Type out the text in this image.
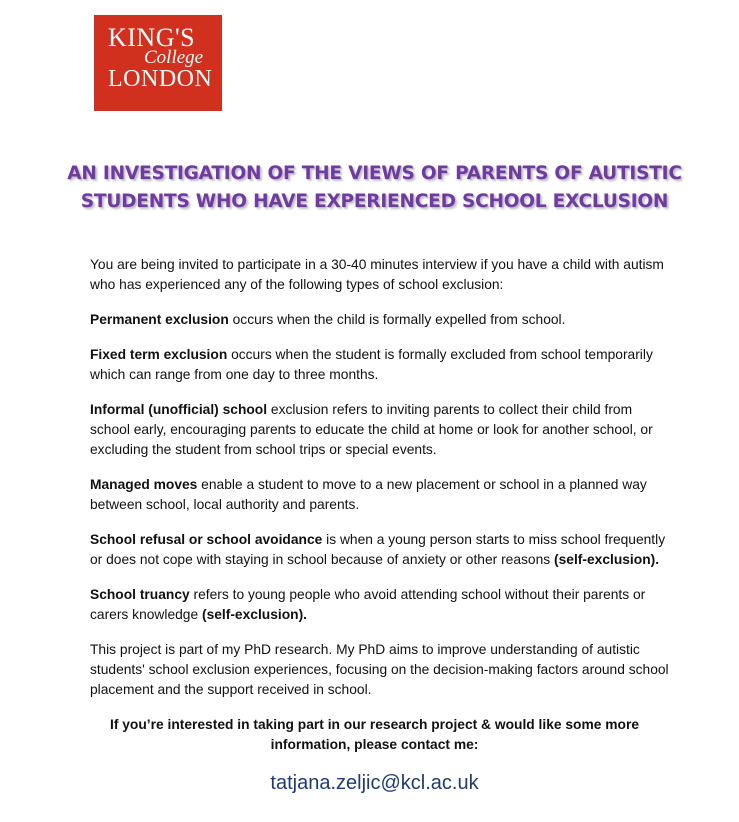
KING'S
College
LONDON
AN INVESTIGATION OF THE VIEWS OF PARENTS OF AUTISTIC
STUDENTS WHO HAVE EXPERIENCED SCHOOL EXCLUSION

You are being invited to participate in a 30-40 minutes interview if you have a child with autism who has experienced any of the following types of school exclusion:

Permanent exclusion occurs when the child is formally expelled from school.

Fixed term exclusion occurs when the student is formally excluded from school temporarily which can range from one day to three months.

Informal (unofficial) school exclusion refers to inviting parents to collect their child from school early, encouraging parents to educate the child at home or look for another school, or excluding the student from school trips or special events.

Managed moves enable a student to move to a new placement or school in a planned way between school, local authority and parents.

School refusal or school avoidance is when a young person starts to miss school frequently or does not cope with staying in school because of anxiety or other reasons (self-exclusion).

School truancy refers to young people who avoid attending school without their parents or carers knowledge (self-exclusion).

This project is part of my PhD research. My PhD aims to improve understanding of autistic students' school exclusion experiences, focusing on the decision-making factors around school placement and the support received in school.

If you’re interested in taking part in our research project & would like some more
information, please contact me:
tatjana.zeljic@kcl.ac.uk
